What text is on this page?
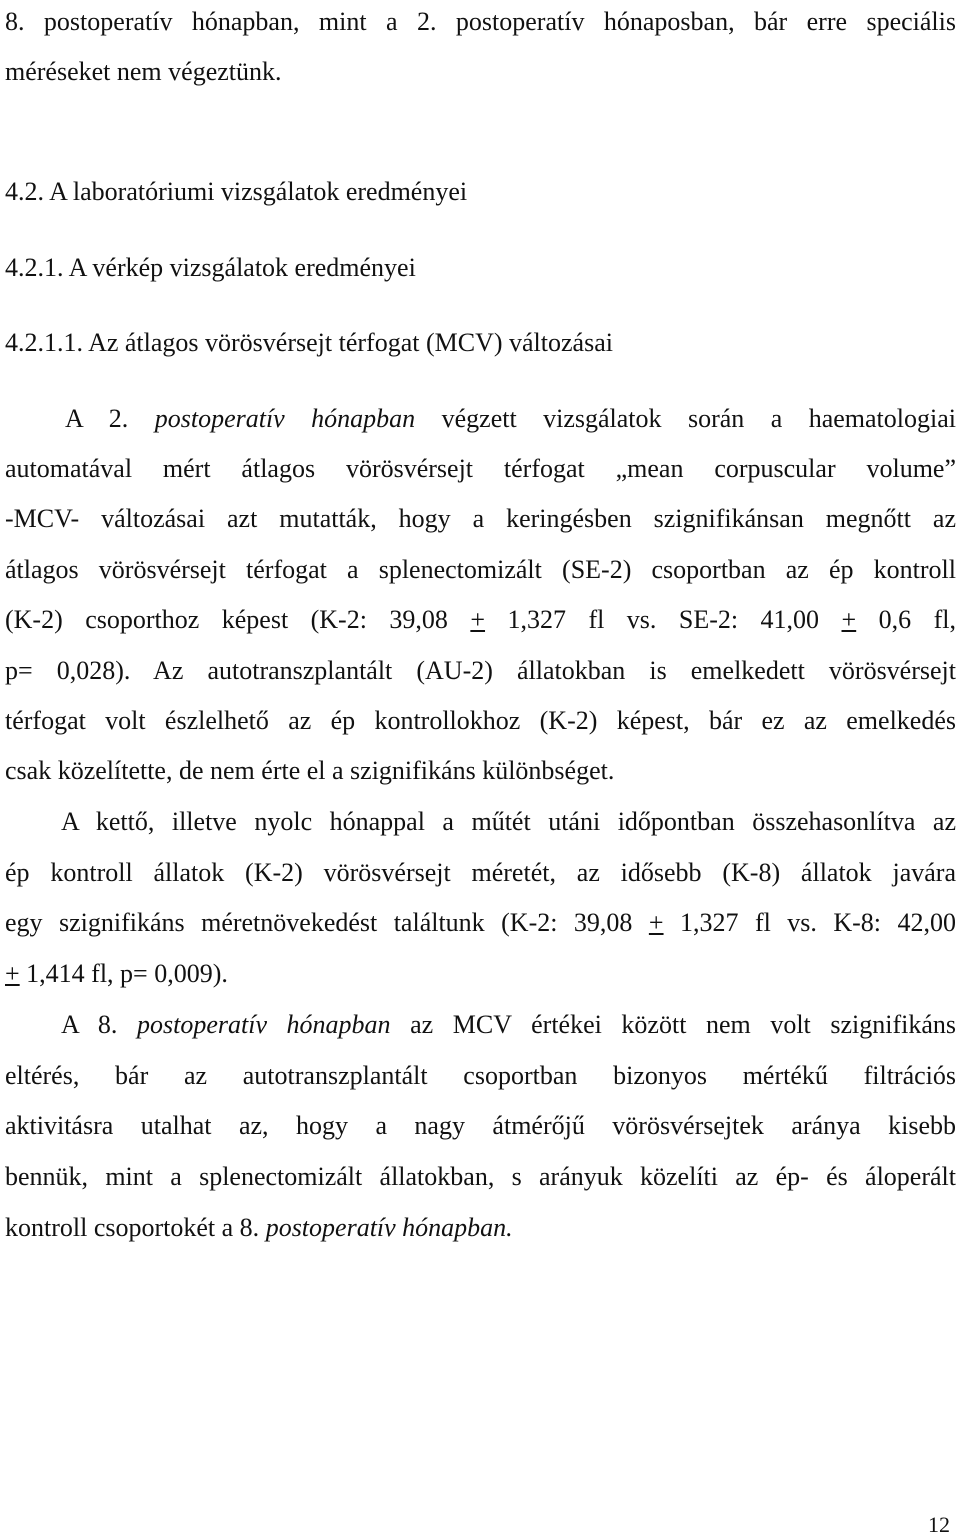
8. postoperatív hónapban, mint a 2. postoperatív hónaposban, bár erre speciális
méréseket nem végeztünk.
4.2. A laboratóriumi vizsgálatok eredményei
4.2.1. A vérkép vizsgálatok eredményei
4.2.1.1. Az átlagos vörösvérsejt térfogat (MCV) változásai
A 2. postoperatív hónapban végzett vizsgálatok során a haematologiai
automatával mért átlagos vörösvérsejt térfogat „mean corpuscular volume”
-MCV- változásai azt mutatták, hogy a keringésben szignifikánsan megnőtt az
átlagos vörösvérsejt térfogat a splenectomizált (SE-2) csoportban az ép kontroll
(K-2) csoporthoz képest (K-2: 39,08 + 1,327 fl vs. SE-2: 41,00 + 0,6 fl,
p= 0,028). Az autotranszplantált (AU-2) állatokban is emelkedett vörösvérsejt
térfogat volt észlelhető az ép kontrollokhoz (K-2) képest, bár ez az emelkedés
csak közelítette, de nem érte el a szignifikáns különbséget.
A kettő, illetve nyolc hónappal a műtét utáni időpontban összehasonlítva az
ép kontroll állatok (K-2) vörösvérsejt méretét, az idősebb (K-8) állatok javára
egy szignifikáns méretnövekedést találtunk (K-2: 39,08 + 1,327 fl vs. K-8: 42,00
+ 1,414 fl, p= 0,009).
A 8. postoperatív hónapban az MCV értékei között nem volt szignifikáns
eltérés, bár az autotranszplantált csoportban bizonyos mértékű filtrációs
aktivitásra utalhat az, hogy a nagy átmérőjű vörösvérsejtek aránya kisebb
bennük, mint a splenectomizált állatokban, s arányuk közelíti az ép- és áloperált
kontroll csoportokét a 8. postoperatív hónapban.
12
